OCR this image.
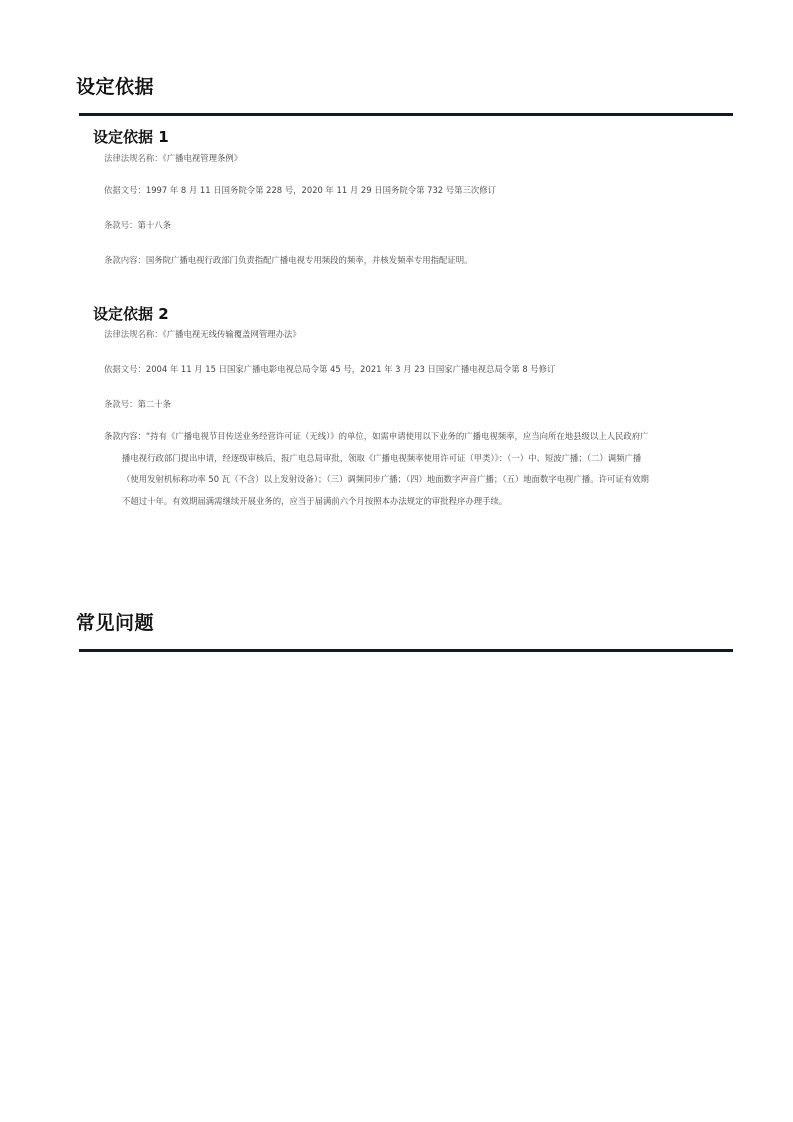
设定依据
设定依据 1
法律法规名称：《广播电视管理条例》
依据文号：1997 年 8 月 11 日国务院令第 228 号，2020 年 11 月 29 日国务院令第 732 号第三次修订
条款号：第十八条
条款内容：国务院广播电视行政部门负责指配广播电视专用频段的频率，并核发频率专用指配证明。
设定依据 2
法律法规名称：《广播电视无线传输覆盖网管理办法》
依据文号：2004 年 11 月 15 日国家广播电影电视总局令第 45 号，2021 年 3 月 23 日国家广播电视总局令第 8 号修订
条款号：第二十条
条款内容：“持有《广播电视节目传送业务经营许可证（无线）》的单位，如需申请使用以下业务的广播电视频率，应当向所在地县级以上人民政府广
播电视行政部门提出申请，经逐级审核后，报广电总局审批，领取《广播电视频率使用许可证（甲类）》：（一）中、短波广播；（二）调频广播
（使用发射机标称功率 50 瓦（不含）以上发射设备）；（三）调频同步广播；（四）地面数字声音广播；（五）地面数字电视广播。许可证有效期
不超过十年。有效期届满需继续开展业务的，应当于届满前六个月按照本办法规定的审批程序办理手续。
常见问题
